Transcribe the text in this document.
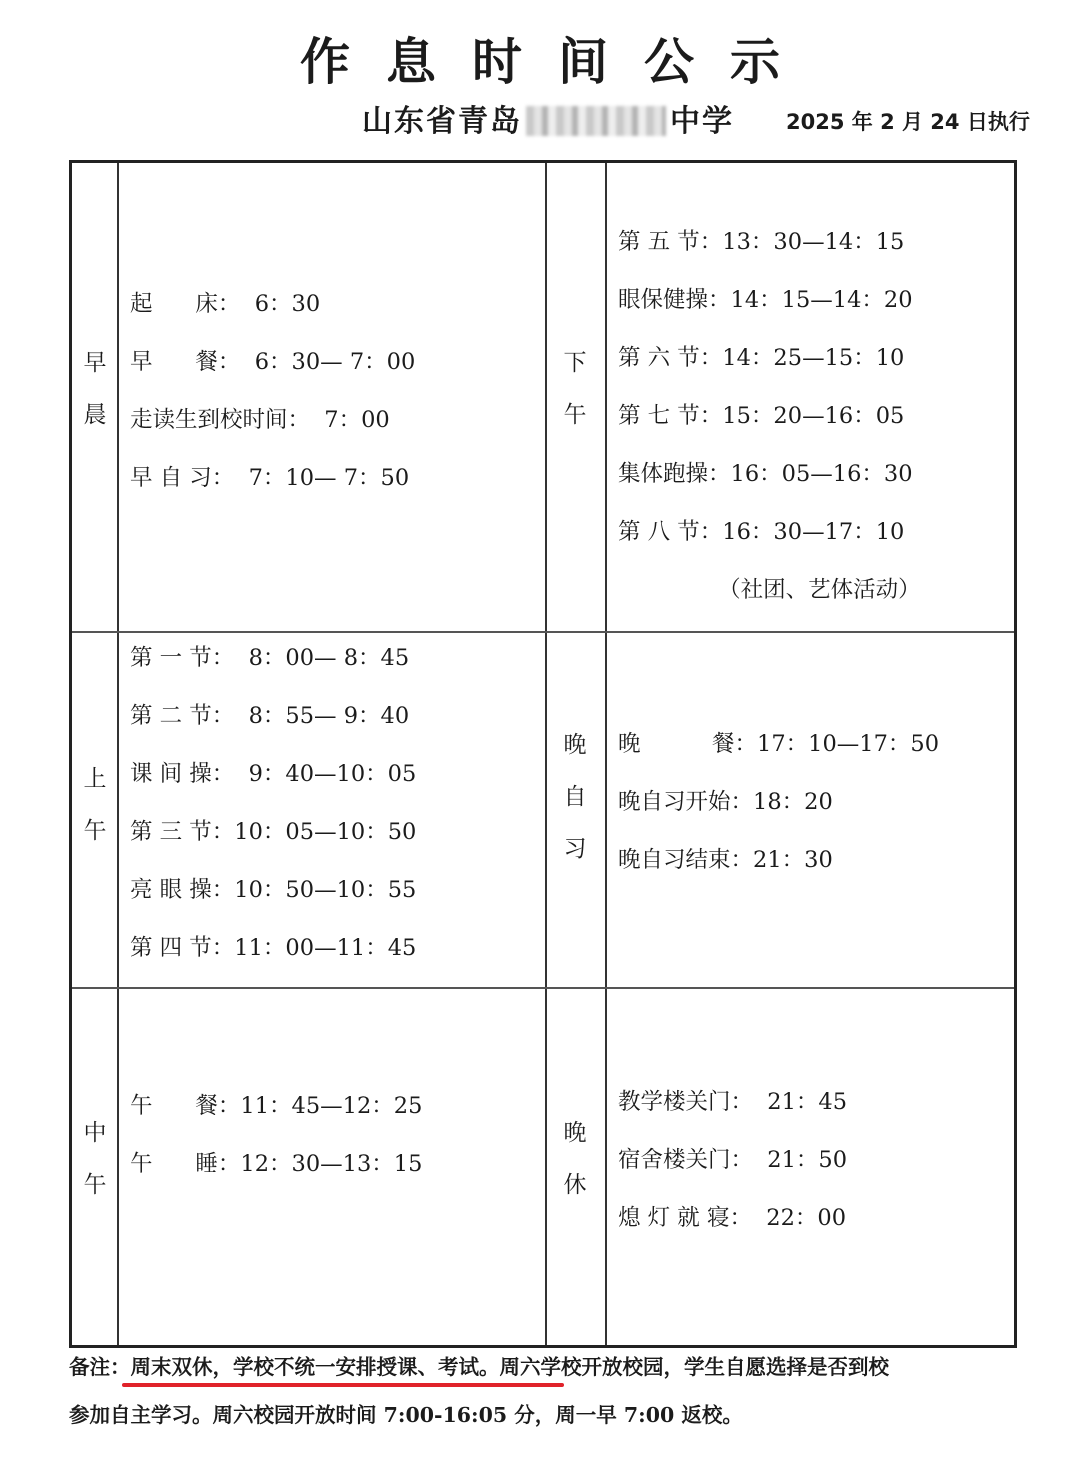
作息时间公示
山东省青岛	中学 2025 年 2 月 24 日执行
早
晨
上
午
中
午
下
午
晚
自
习
晚
休
起      床：  6：30
早      餐：  6：30— 7：00
走读生到校时间：  7：00
早 自 习：  7：10— 7：50
第 一 节：  8：00— 8：45
第 二 节：  8：55— 9：40
课 间 操：  9：40—10：05
第 三 节：10：05—10：50
亮 眼 操：10：50—10：55
第 四 节：11：00—11：45
午      餐：11：45—12：25
午      睡：12：30—13：15
第 五 节：13：30—14：15
眼保健操：14：15—14：20
第 六 节：14：25—15：10
第 七 节：15：20—16：05
集体跑操：16：05—16：30
第 八 节：16：30—17：10
（社团、艺体活动）
晚          餐：17：10—17：50
晚自习开始：18：20
晚自习结束：21：30
教学楼关门：  21：45
宿舍楼关门：  21：50
熄 灯 就 寝：  22：00
备注：周末双休，学校不统一安排授课、考试。周六学校开放校园，学生自愿选择是否到校
参加自主学习。周六校园开放时间 7:00-16:05 分，周一早 7:00 返校。
